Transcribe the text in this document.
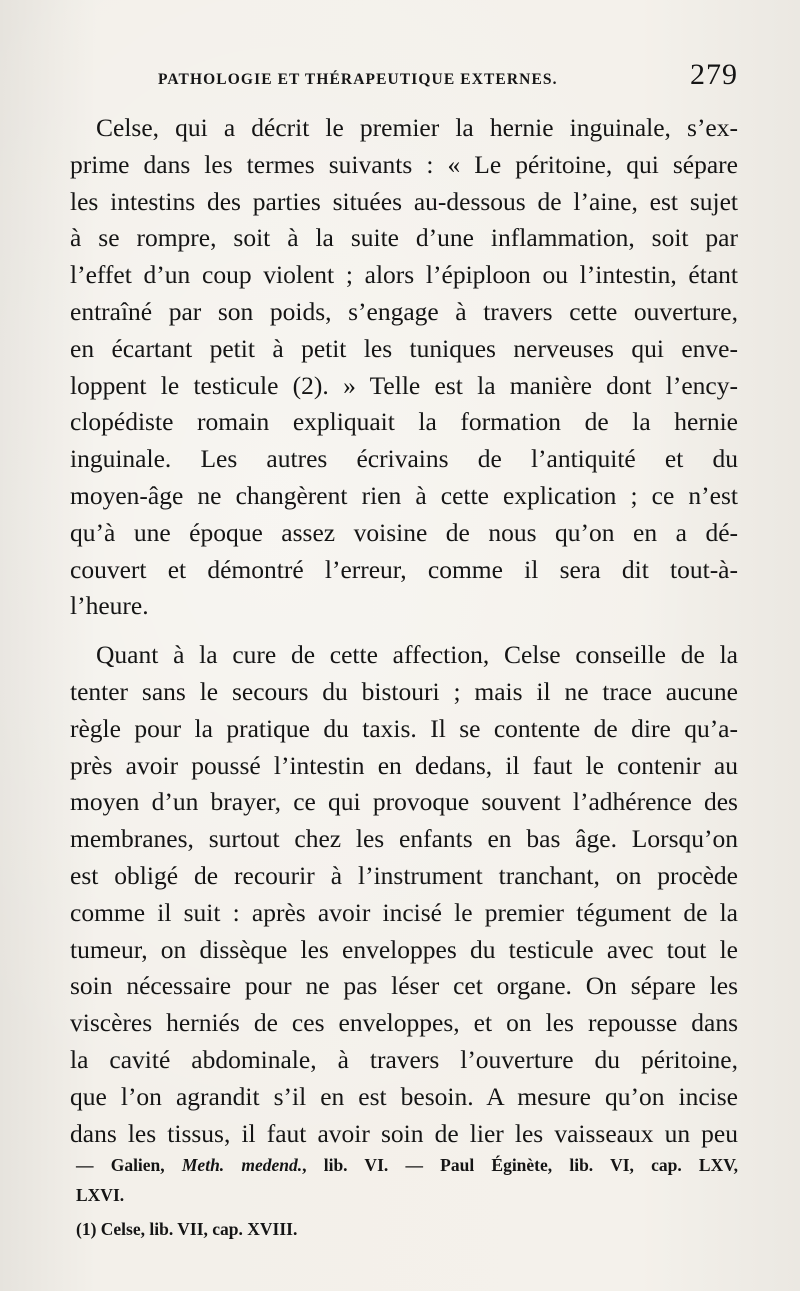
PATHOLOGIE ET THÉRAPEUTIQUE EXTERNES.	279

Celse, qui a décrit le premier la hernie inguinale, s’ex-
prime dans les termes suivants : « Le péritoine, qui sépare
les intestins des parties situées au-dessous de l’aine, est sujet
à se rompre, soit à la suite d’une inflammation, soit par
l’effet d’un coup violent ; alors l’épiploon ou l’intestin, étant
entraîné par son poids, s’engage à travers cette ouverture,
en écartant petit à petit les tuniques nerveuses qui enve-
loppent le testicule (2). » Telle est la manière dont l’ency-
clopédiste romain expliquait la formation de la hernie
inguinale. Les autres écrivains de l’antiquité et du
moyen-âge ne changèrent rien à cette explication ; ce n’est
qu’à une époque assez voisine de nous qu’on en a dé-
couvert et démontré l’erreur, comme il sera dit tout-à-
l’heure.

Quant à la cure de cette affection, Celse conseille de la
tenter sans le secours du bistouri ; mais il ne trace aucune
règle pour la pratique du taxis. Il se contente de dire qu’a-
près avoir poussé l’intestin en dedans, il faut le contenir au
moyen d’un brayer, ce qui provoque souvent l’adhérence des
membranes, surtout chez les enfants en bas âge. Lorsqu’on
est obligé de recourir à l’instrument tranchant, on procède
comme il suit : après avoir incisé le premier tégument de la
tumeur, on dissèque les enveloppes du testicule avec tout le
soin nécessaire pour ne pas léser cet organe. On sépare les
viscères herniés de ces enveloppes, et on les repousse dans
la cavité abdominale, à travers l’ouverture du péritoine,
que l’on agrandit s’il en est besoin. A mesure qu’on incise
dans les tissus, il faut avoir soin de lier les vaisseaux un peu

— Galien, Meth. medend., lib. VI. — Paul Éginète, lib. VI, cap. LXV,
LXVI.
(1) Celse, lib. VII, cap. XVIII.
